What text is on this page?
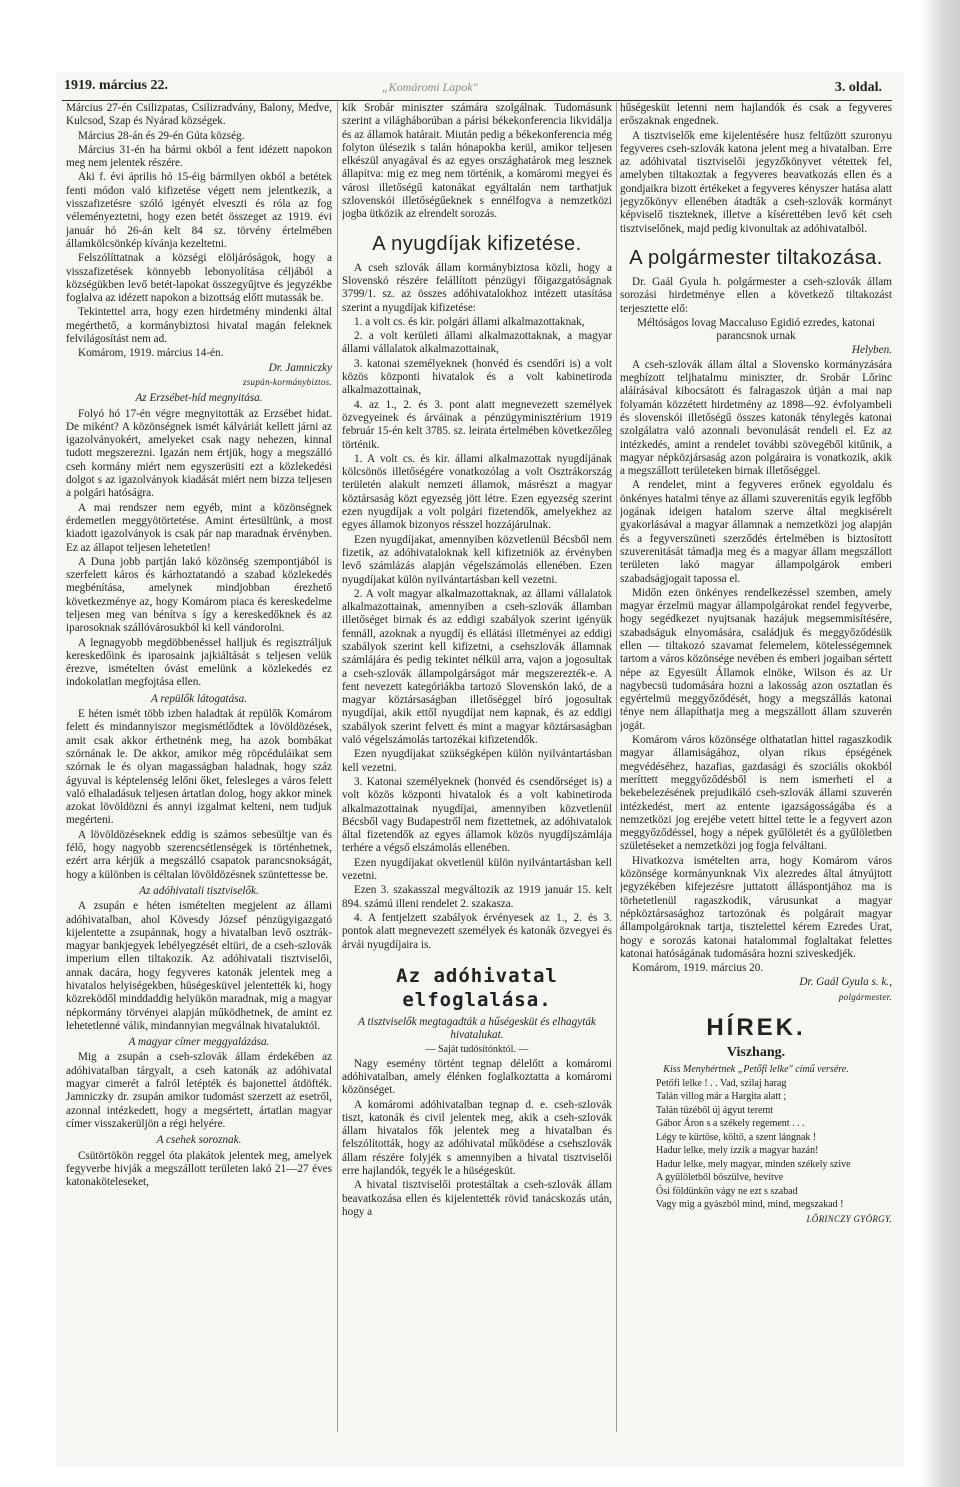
1919. március 22.	„Komáromi Lapok"	3. oldal.

Március 27-én Csilizpatas, Csilizradvány, Balony, Medve, Kulcsod, Szap és Nyárad községek.

Március 28-án és 29-én Gúta község.

Március 31-én ha bármi okból a fent idézett napokon meg nem jelentek részére.

Aki f. évi április hó 15-éig bármilyen okból a betétek fenti módon való kifizetése végett nem jelentkezik, a visszafizetésre szóló igényét elveszti és róla az fog véleményeztetni, hogy ezen betét összeget az 1919. évi január hó 26-án kelt 84 sz. törvény értelmében államkölcsönkép kívánja kezeltetni.

Felszólíttatnak a községi elöljáróságok, hogy a visszafizetések könnyebb lebonyolítása céljából a községükben levő betét-lapokat összegyűjtve és jegyzékbe foglalva az idézett napokon a bizottság előtt mutassák be.

Tekintettel arra, hogy ezen hirdetmény mindenki által megérthető, a kormánybiztosi hivatal magán feleknek felvilágosítást nem ad.

Komárom, 1919. március 14-én.

Dr. Jamniczky

zsupán-kormánybiztos.

Az Erzsébet-híd megnyitása.

Folyó hó 17-én végre megnyitották az Erzsébet hidat. De miként? A közönségnek ismét kálváriát kellett járni az igazolványokért, amelyeket csak nagy nehezen, kinnal tudott megszerezni. Igazán nem értjük, hogy a megszálló cseh kormány miért nem egyszerüsiti ezt a közlekedési dolgot s az igazolványok kiadását miért nem bizza teljesen a polgári hatóságra.

A mai rendszer nem egyéb, mint a közönségnek érdemetlen meggyötörtetése. Amint értesültünk, a most kiadott igazolványok is csak pár nap maradnak érvényben. Ez az állapot teljesen lehetetlen!

A Duna jobb partján lakó közönség szempontjából is szerfelett káros és kárhoztatandó a szabad közlekedés megbénítása, amelynek mindjobban érezhető következménye az, hogy Komárom piaca és kereskedelme teljesen meg van bénítva s így a kereskedőknek és az iparosoknak szállóvárosukból ki kell vándorolni.

A legnagyobb megdöbbenéssel halljuk és regisztráljuk kereskedőink és iparosaink jajkiáltását s teljesen velük érezve, ismételten óvást emelünk a közlekedés ez indokolatlan megfojtása ellen.

A repülők látogatása.

E héten ismét több izben haladtak át repülők Komárom felett és mindannyiszor megismétlődtek a lövöldözések, amit csak akkor érthetnénk meg, ha azok bombákat szórnának le. De akkor, amikor még röpcéduláikat sem szórnak le és olyan magasságban haladnak, hogy száz ágyuval is képtelenség lelőni őket, felesleges a város felett való elhaladásuk teljesen ártatlan dolog, hogy akkor minek azokat lövöldözni és annyi izgalmat kelteni, nem tudjuk megérteni.

A lövöldözéseknek eddig is számos sebesültje van és félő, hogy nagyobb szerencsétlenségek is történhetnek, ezért arra kérjük a megszálló csapatok parancsnokságát, hogy a különben is céltalan lövöldözésnek szüntettesse be.

Az adóhivatali tisztviselők.

A zsupán e héten ismételten megjelent az állami adóhivatalban, ahol Kövesdy József pénzügyigazgató kijelentette a zsupánnak, hogy a hivatalban levő osztrák-magyar bankjegyek lebélyegzését eltüri, de a cseh-szlovák imperium ellen tiltakozik. Az adóhivatali tisztviselői, annak dacára, hogy fegyveres katonák jelentek meg a hivatalos helyiségekben, hüségesküvel jelentették ki, hogy közreködől minddaddig helyükön maradnak, mig a magyar népkormány törvényei alapján működhetnek, de amint ez lehetetlenné válik, mindannyian megválnak hivataluktól.

A magyar címer meggyalázása.

Mig a zsupán a cseh-szlovák állam érdekében az adóhivatalban tárgyalt, a cseh katonák az adóhivatal magyar cimerét a falról letépték és bajonettel átdöfték. Jamniczky dr. zsupán amikor tudomást szerzett az esetről, azonnal intézkedett, hogy a megsértett, ártatlan magyar címer visszakerüljön a régi helyére.

A csehek soroznak.

Csütörtökön reggel óta plakátok jelentek meg, amelyek fegyverbe hivják a megszállott területen lakó 21—27 éves katonaköteleseket,

kik Srobár miniszter számára szolgálnak. Tudomásunk szerint a világháborúban a párisi békekonferencia likvidálja és az államok határait. Miután pedig a békekonferencia még folyton ülésezik s talán hónapokba kerül, amikor teljesen elkészül anyagával és az egyes országhatárok meg lesznek állapítva: mig ez meg nem történik, a komáromi megyei és városi illetőségű katonákat egyáltalán nem tarthatjuk szlovenskói illetőségűeknek s ennélfogva a nemzetközi jogba ütközik az elrendelt sorozás.

A nyugdíjak kifizetése.

A cseh szlovák állam kormánybiztosa közli, hogy a Slovenskó részére felállított pénzügyi főigazgatóságnak 3799/1. sz. az összes adóhivatalokhoz intézett utasítása szerint a nyugdíjak kifizetése:

1. a volt cs. és kir. polgári állami alkalmazottaknak,

2. a volt kerületi állami alkalmazottaknak, a magyar állami vállalatok alkalmazottainak,

3. katonai személyeknek (honvéd és csendőri is) a volt közös központi hivatalok és a volt kabinetiroda alkalmazottainak,

4. az 1., 2. és 3. pont alatt megnevezett személyek özvegyeinek és árváinak a pénzügyminisztérium 1919 február 15-én kelt 3785. sz. leirata értelmében következőleg történik.

1. A volt cs. és kir. állami alkalmazottak nyugdíjának kölcsönös illetőségére vonatkozólag a volt Osztrákország területén alakult nemzeti államok, másrészt a magyar köztársaság közt egyezség jött létre. Ezen egyezség szerint ezen nyugdíjak a volt polgári fizetendők, amelyekhez az egyes államok bizonyos résszel hozzájárulnak.

Ezen nyugdíjakat, amennyiben közvetlenül Bécsből nem fizetik, az adóhivataloknak kell kifizetniök az érvényben levő számlázás alapján végelszámolás ellenében. Ezen nyugdíjakat külön nyilvántartásban kell vezetni.

2. A volt magyar alkalmazottaknak, az állami vállalatok alkalmazottainak, amennyiben a cseh-szlovák államban illetőséget birnak és az eddigi szabályok szerint igényük fennáll, azoknak a nyugdíj és ellátási illetményei az eddigi szabályok szerint kell kifizetni, a csehszlovák államnak számlájára és pedig tekintet nélkül arra, vajon a jogosultak a cseh-szlovák állampolgárságot már megszerezték-e. A fent nevezett kategóriákba tartozó Slovenskón lakó, de a magyar köztársaságban illetőséggel bíró jogosultak nyugdíjai, akik ettől nyugdíjat nem kapnak, és az eddigi szabályok szerint felvett és mint a magyar köztársaságban való végelszámolás tartozékai kifizetendők.

Ezen nyugdíjakat szükségképen külön nyilvántartásban kell vezetni.

3. Katonai személyeknek (honvéd és csendőrséget is) a volt közös központi hivatalok és a volt kabinetiroda alkalmazottainak nyugdíjai, amennyiben közvetlenül Bécsből vagy Budapestről nem fizettetnek, az adóhivatalok által fizetendők az egyes államok közös nyugdíjszámlája terhére a végső elszámolás ellenében.

Ezen nyugdíjakat okvetlenül külön nyilvántartásban kell vezetni.

Ezen 3. szakasszal megváltozik az 1919 január 15. kelt 894. számú illeni rendelet 2. szakasza.

4. A fentjelzett szabályok érvényesek az 1., 2. és 3. pontok alatt megnevezett személyek és katonák özvegyei és árvái nyugdíjaira is.

Az adóhivatal elfoglalása.

A tisztviselők megtagadták a hűségesküt és elhagyták hivatalukat.

— Saját tudósítónktól. —

Nagy esemény történt tegnap délelőtt a komáromi adóhivatalban, amely élénken foglalkoztatta a komáromi közönséget.

A komáromi adóhivatalban tegnap d. e. cseh-szlovák tiszt, katonák és civil jelentek meg, akik a cseh-szlovák állam hivatalos fők jelentek meg a hivatalban és felszólították, hogy az adóhivatal működése a csehszlovák állam részére folyjék s amennyiben a hivatal tisztviselői erre hajlandók, tegyék le a hüségesküt.

A hivatal tisztviselői protestáltak a cseh-szlovák állam beavatkozása ellen és kijelentették rövid tanácskozás után, hogy a

hűségesküt letenni nem hajlandók és csak a fegyveres erőszaknak engednek.

A tisztviselők eme kijelentésére husz feltűzött szuronyu fegyveres cseh-szlovák katona jelent meg a hivatalban. Erre az adóhivatal tisztviselői jegyzőkönyvet vétettek fel, amelyben tiltakoztak a fegyveres beavatkozás ellen és a gondjaikra bizott értékeket a fegyveres kényszer hatása alatt jegyzőkönyv ellenében átadták a cseh-szlovák kormányt képviselő tiszteknek, illetve a kísérettében levő két cseh tisztviselőnek, majd pedig kivonultak az adóhivatalból.

A polgármester tiltakozása.

Dr. Gaál Gyula h. polgármester a cseh-szlovák állam sorozási hirdetménye ellen a következő tiltakozást terjesztette elő:

Méltóságos lovag Maccaluso Egidió ezredes, katonai parancsnok urnak

Helyben.

A cseh-szlovák állam által a Slovensko kormányzására megbízott teljhatalmu miniszter, dr. Srobár Lőrinc aláírásával kibocsátott és falragaszok útján a mai nap folyamán közzétett hirdetmény az 1898—92. évfolyambeli és slovenskói illetőségű összes katonák ténylegés katonai szolgálatra való azonnali bevonulását rendeli el. Ez az intézkedés, amint a rendelet további szövegéből kitűnik, a magyar népközjársaság azon polgáraira is vonatkozik, akik a megszállott területeken birnak illetőséggel.

A rendelet, mint a fegyveres erőnek egyoldalu és önkényes hatalmi ténye az állami szuverenitás egyik legfőbb jogának ideigen hatalom szerve által megkisérelt gyakorlásával a magyar államnak a nemzetközi jog alapján és a fegyverszüneti szerződés értelmében is biztosított szuverenitását támadja meg és a magyar állam megszállott területen lakó magyar állampolgárok emberi szabadságjogait tapossa el.

Midőn ezen önkényes rendelkezéssel szemben, amely magyar érzelmü magyar állampolgárokat rendel fegyverbe, hogy segédkezet nyujtsanak hazájuk megsemmisítésére, szabadságuk elnyomására, családjuk és meggyőződésük ellen — tiltakozó szavamat felemelem, kötelességemnek tartom a város közönsége nevében és emberi jogaiban sértett népe az Egyesült Államok elnöke, Wilson és az Ur nagybecsü tudomására hozni a lakosság azon osztatlan és egyértelmü meggyőződését, hogy a megszállás katonai ténye nem állapíthatja meg a megszállott állam szuverén jogát.

Komárom város közönsége olthatatlan hittel ragaszkodik magyar államiságához, olyan rikus épségének megvédéséhez, hazafias, gazdasági és szociális okokból meríttett meggyőződésből is nem ismerheti el a bekebelezésének prejudikáló cseh-szlovák állami szuverén intézkedést, mert az entente igazságosságába és a nemzetközi jog erejébe vetett hittel tette le a fegyvert azon meggyőződéssel, hogy a népek gyűlöletét és a gyűlöletben születéseket a nemzetközi jog fogja felváltani.

Hivatkozva ismételten arra, hogy Komárom város közönsége kormányunknak Vix alezredes által átnyújtott jegyzékében kifejezésre juttatott álláspontjához ma is törhetetlenül ragaszkodik, várusunkat a magyar népköztársasághoz tartozónak és polgárait magyar állampolgároknak tartja, tisztelettel kérem Ezredes Urat, hogy e sorozás katonai hatalommal foglaltakat felettes katonai hatóságának tudomására hozni sziveskedjék.

Komárom, 1919. március 20.

Dr. Gaál Gyula s. k.,

polgármester.

HÍREK.
Viszhang.

Kiss Menyhértnek „Petőfi lelke" című versére.

Petőfi lelke ! . . Vad, szilaj harag

Talán villog már a Hargita alatt ;

Talán tűzéből új ágyut teremt

Gábor Áron s a székely regement . . .

Légy te kürtöse, költő, a szent lángnak !

Hadur lelke, mely ízzik a magyar hazán!

Hadur lelke, mely magyar, minden székely szive

A gyűlöletből bőszülve, hevítve

Ősi földünkön vágy ne ezt s szabad

Vagy mig a gyászból mind, mind, megszakad !

LŐRINCZY GYÖRGY.
